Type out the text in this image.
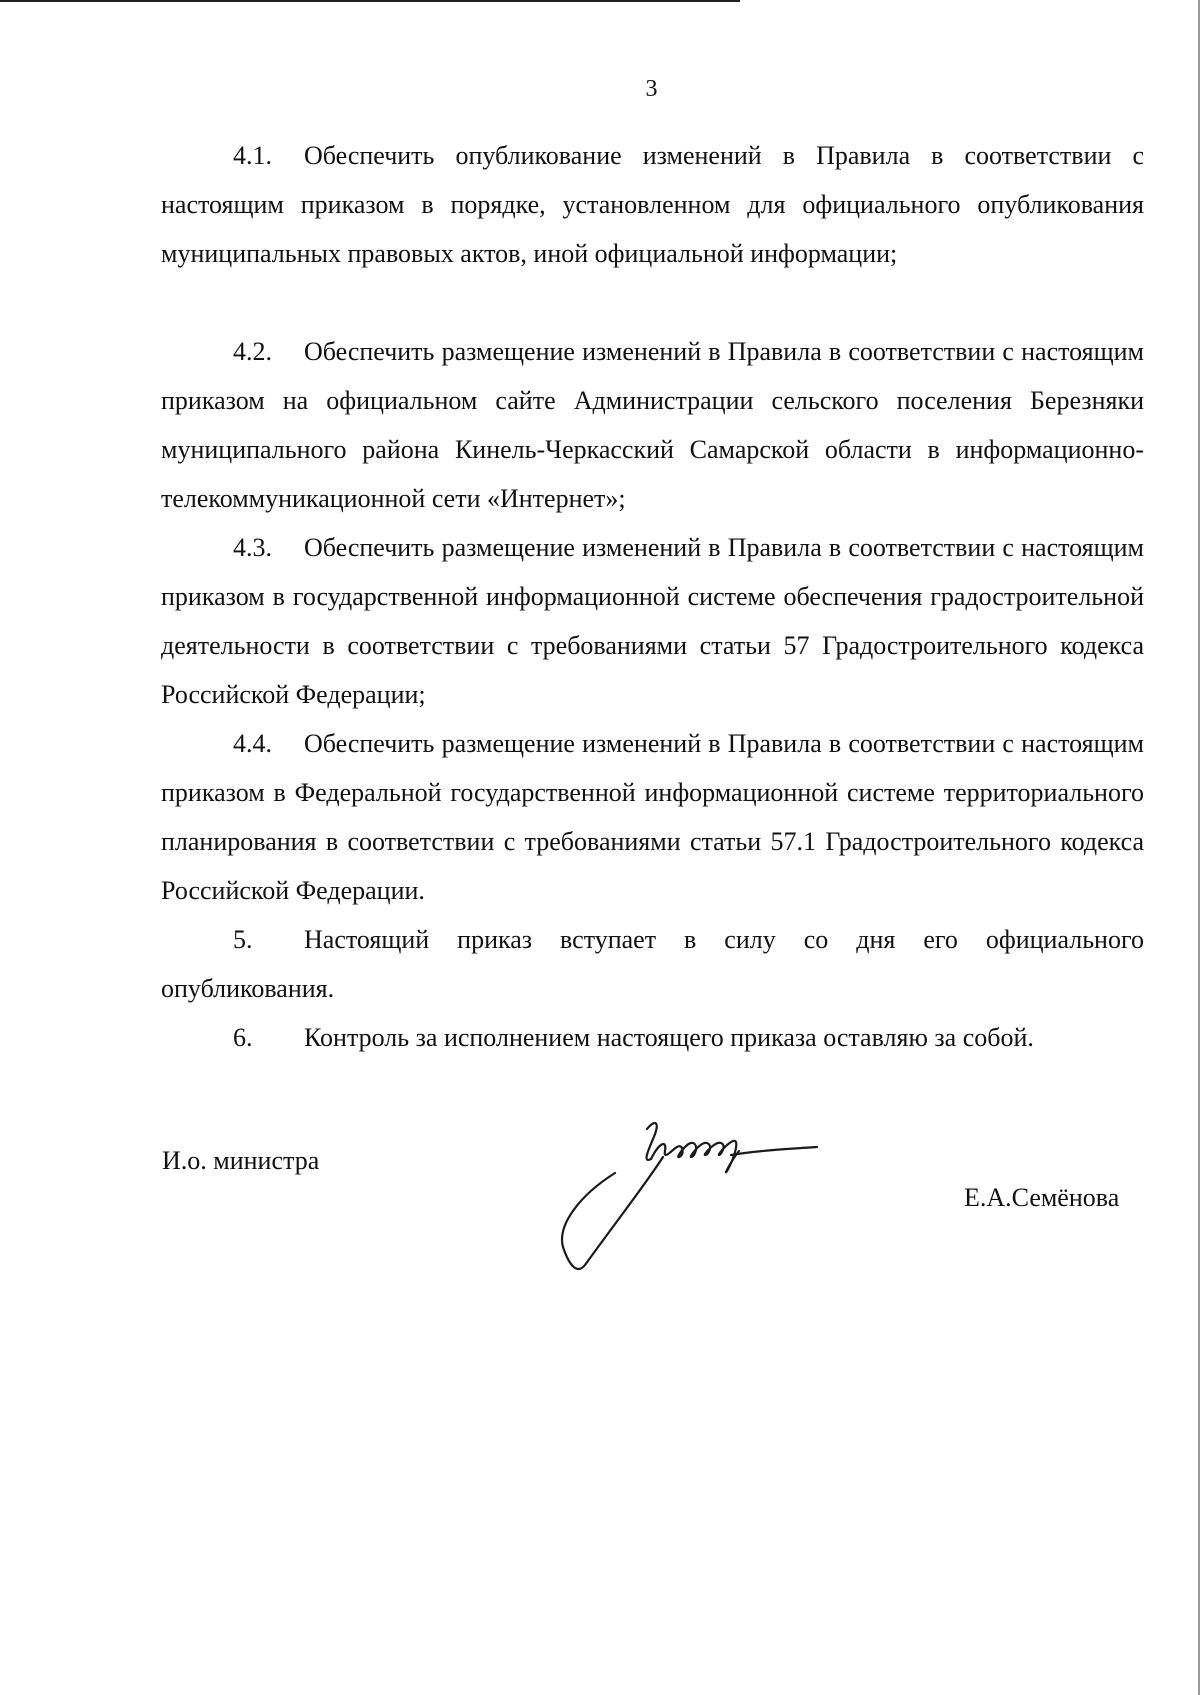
3
4.1. Обеспечить опубликование изменений в Правила в соответствии с настоящим приказом в порядке, установленном для официального опубликования муниципальных правовых актов, иной официальной информации;
4.2. Обеспечить размещение изменений в Правила в соответствии с настоящим приказом на официальном сайте Администрации сельского поселения Березняки муниципального района Кинель-Черкасский Самарской области в информационно-телекоммуникационной сети «Интернет»;
4.3. Обеспечить размещение изменений в Правила в соответствии с настоящим приказом в государственной информационной системе обеспечения градостроительной деятельности в соответствии с требованиями статьи 57 Градостроительного кодекса Российской Федерации;
4.4. Обеспечить размещение изменений в Правила в соответствии с настоящим приказом в Федеральной государственной информационной системе территориального планирования в соответствии с требованиями статьи 57.1 Градостроительного кодекса Российской Федерации.
5. Настоящий приказ вступает в силу со дня его официального опубликования.
6. Контроль за исполнением настоящего приказа оставляю за собой.
И.о. министра
Е.А.Семёнова
